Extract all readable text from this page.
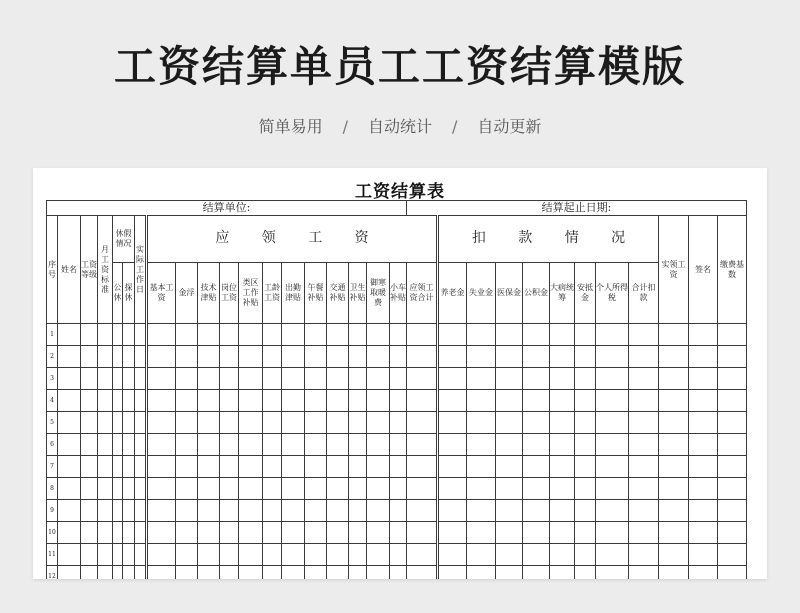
工资结算单员工工资结算模版
简单易用 / 自动统计 / 自动更新
工资结算表
结算单位:																			结算起止日期:											
序号	姓名	工资等级	月工资标准	休假情况		实际工作日	应 领 工 资													扣 款 情 况								实领工资	签名	缴费基数
				公休	探休		基本工资	金浮	技术津贴	岗位工资	类区工作补贴	工龄工资	出勤津贴	午餐补贴	交通补贴	卫生补贴	御寒取暖费	小车补贴	应领工资合计	养老金	失业金	医保金	公积金	大病统筹	安抵金	个人所得税	合计扣款			
1																														
2																														
3																														
4																														
5																														
6																														
7																														
8																														
9																														
10																														
11																														
12																														
